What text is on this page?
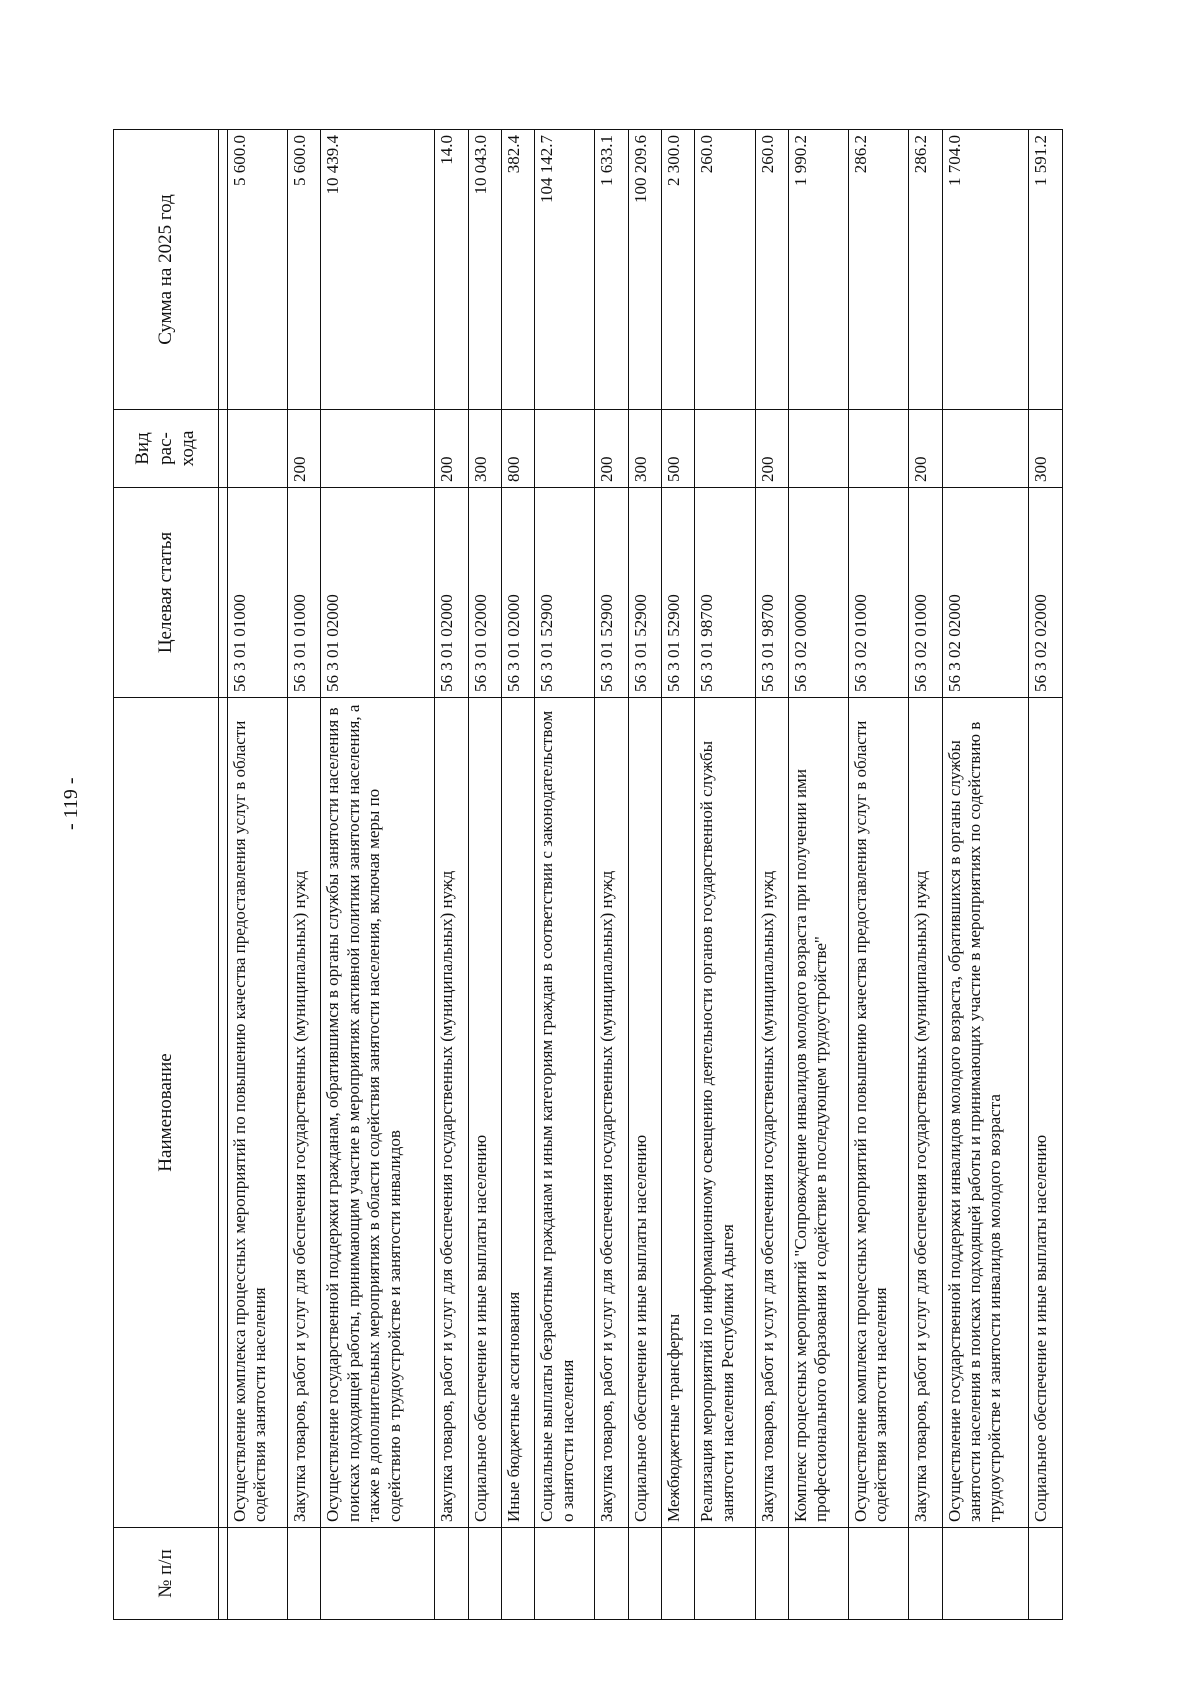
- 119 -
№ п/п	Наименование	Целевая статья	Вид рас- хода	Сумма на 2025 год

	Осуществление комплекса процессных мероприятий по повышению качества предоставления услуг в области содействия занятости населения	56 3 01 01000		5 600.0
	Закупка товаров, работ и услуг для обеспечения государственных (муниципальных) нужд	56 3 01 01000	200	5 600.0
	Осуществление государственной поддержки гражданам, обратившимся в органы службы занятости населения в поисках подходящей работы, принимающим участие в мероприятиях активной политики занятости населения, а также в дополнительных мероприятиях в области содействия занятости населения, включая меры по содействию в трудоустройстве и занятости инвалидов	56 3 01 02000		10 439.4
	Закупка товаров, работ и услуг для обеспечения государственных (муниципальных) нужд	56 3 01 02000	200	14.0
	Социальное обеспечение и иные выплаты населению	56 3 01 02000	300	10 043.0
	Иные бюджетные ассигнования	56 3 01 02000	800	382.4
	Социальные выплаты безработным гражданам и иным категориям граждан в соответствии с законодательством о занятости населения	56 3 01 52900		104 142.7
	Закупка товаров, работ и услуг для обеспечения государственных (муниципальных) нужд	56 3 01 52900	200	1 633.1
	Социальное обеспечение и иные выплаты населению	56 3 01 52900	300	100 209.6
	Межбюджетные трансферты	56 3 01 52900	500	2 300.0
	Реализация мероприятий по информационному освещению деятельности органов государственной службы занятости населения Республики Адыгея	56 3 01 98700		260.0
	Закупка товаров, работ и услуг для обеспечения государственных (муниципальных) нужд	56 3 01 98700	200	260.0
	Комплекс процессных мероприятий "Сопровождение инвалидов молодого возраста при получении ими профессионального образования и содействие в последующем трудоустройстве"	56 3 02 00000		1 990.2
	Осуществление комплекса процессных мероприятий по повышению качества предоставления услуг в области содействия занятости населения	56 3 02 01000		286.2
	Закупка товаров, работ и услуг для обеспечения государственных (муниципальных) нужд	56 3 02 01000	200	286.2
	Осуществление государственной поддержки инвалидов молодого возраста, обратившихся в органы службы занятости населения в поисках подходящей работы и принимающих участие в мероприятиях по содействию в трудоустройстве и занятости инвалидов молодого возраста	56 3 02 02000		1 704.0
	Социальное обеспечение и иные выплаты населению	56 3 02 02000	300	1 591.2
